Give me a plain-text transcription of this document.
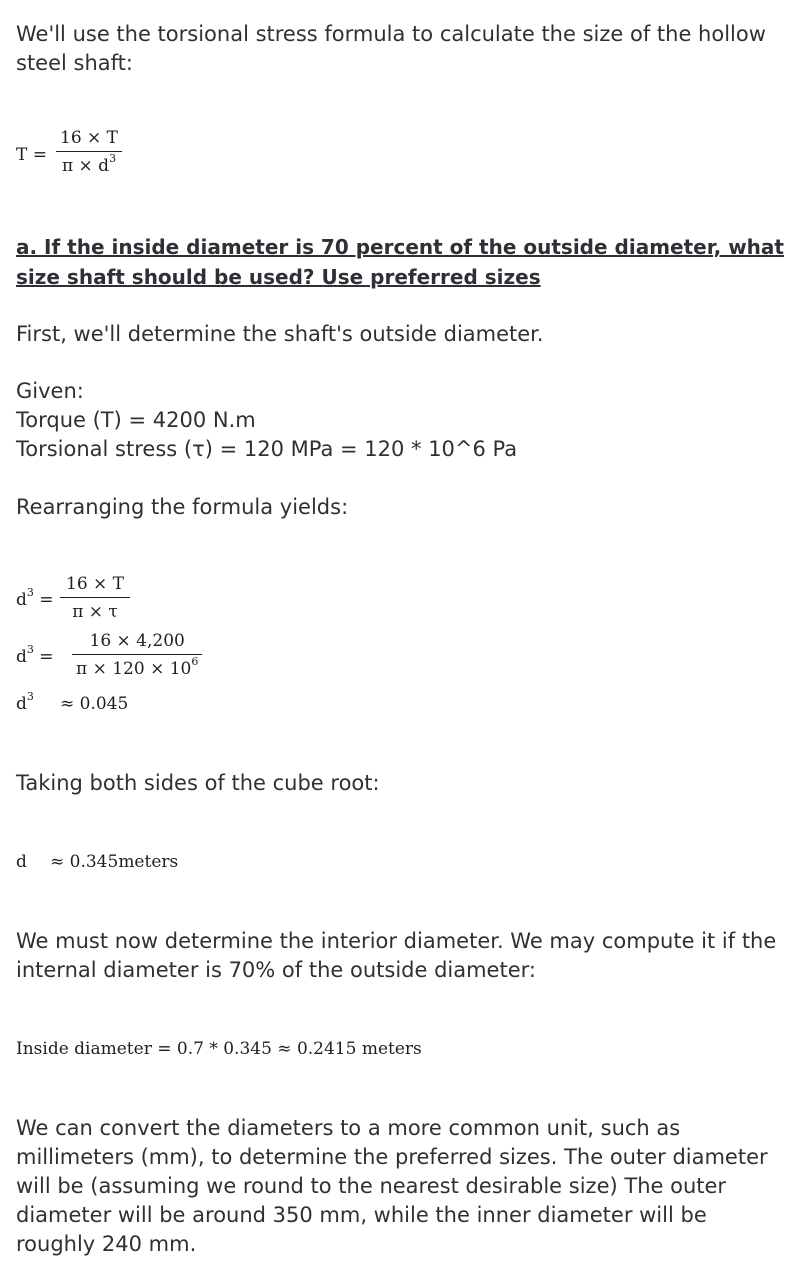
We'll use the torsional stress formula to calculate the size of the hollow steel shaft:

$T = \frac{16 \times T}{\pi \times d^3}$

a. If the inside diameter is 70 percent of the outside diameter, what size shaft should be used? Use preferred sizes

First, we'll determine the shaft's outside diameter.

Given:

Torque (T) = 4200 N.m

Torsional stress (τ) = 120 MPa = 120 * 10^6 Pa

Rearranging the formula yields:

$d^3 = \frac{16 \times T}{\pi \times \tau}$
$d^3 = \frac{16 \times 4,200}{\pi \times 120 \times 10^6}$
$d^3 \approx 0.045$

Taking both sides of the cube root:

d ≈ 0.345meters

We must now determine the interior diameter. We may compute it if the internal diameter is 70% of the outside diameter:

Inside diameter = 0.7 * 0.345 ≈ 0.2415 meters

We can convert the diameters to a more common unit, such as millimeters (mm), to determine the preferred sizes. The outer diameter will be (assuming we round to the nearest desirable size) The outer diameter will be around 350 mm, while the inner diameter will be roughly 240 mm.
